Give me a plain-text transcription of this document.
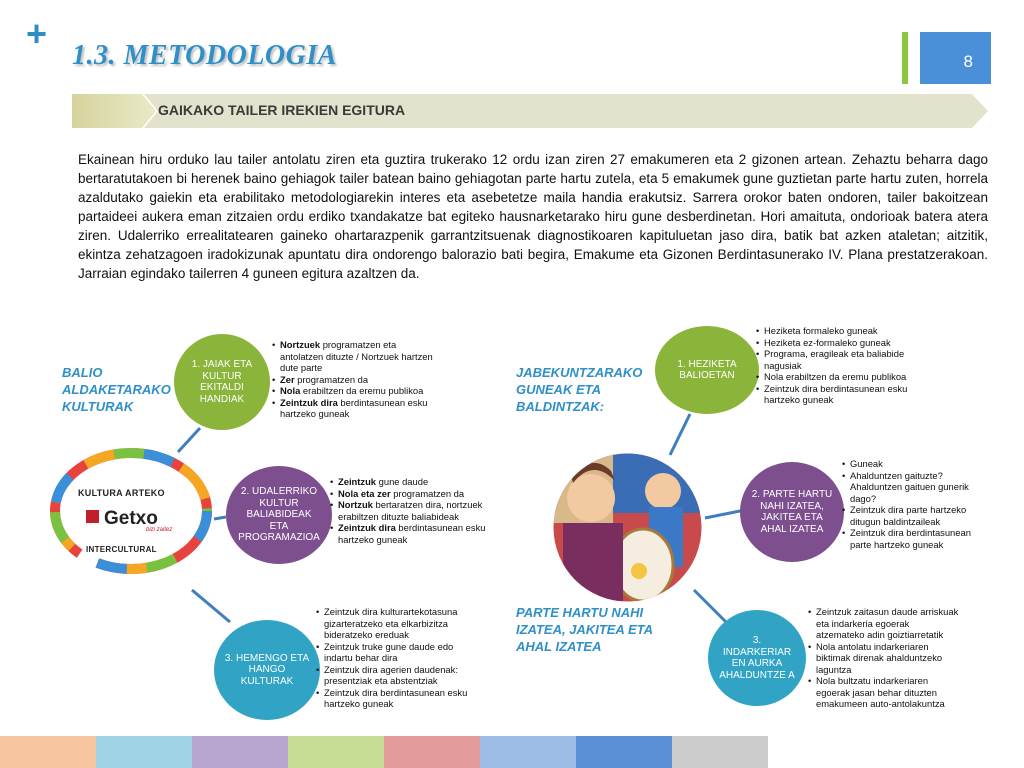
+
1.3. METODOLOGIA	8
GAIKAKO TAILER IREKIEN EGITURA
Ekainean hiru orduko lau tailer antolatu ziren eta guztira trukerako 12 ordu izan ziren 27 emakumeren eta 2 gizonen artean. Zehaztu beharra dago bertaratutakoen bi herenek baino gehiagok tailer batean baino gehiagotan parte hartu zutela, eta 5 emakumek gune guztietan parte hartu zuten, horrela azaldutako gaiekin eta erabilitako metodologiarekin interes eta asebetetze maila handia erakutsiz. Sarrera orokor baten ondoren, tailer bakoitzean partaideei aukera eman zitzaien ordu erdiko txandakatze bat egiteko hausnarketarako hiru gune desberdinetan. Hori amaituta, ondorioak batera atera ziren. Udalerriko errealitatearen gaineko ohartarazpenik garrantzitsuenak diagnostikoaren kapituluetan jaso dira, batik bat azken ataletan; aitzitik, ekintza zehatzagoen iradokizunak apuntatu dira ondorengo balorazio bati begira, Emakume eta Gizonen Berdintasunerako IV. Plana prestatzerakoan. Jarraian egindako tailerren 4 guneen egitura azaltzen da.
BALIO ALDAKETARAKO KULTURAK
JABEKUNTZARAKO GUNEAK ETA BALDINTZAK:
PARTE HARTU NAHI IZATEA, JAKITEA ETA AHAL IZATEA
KULTURA ARTEKO
Getxo
bizi zaitez
INTERCULTURAL
1. JAIAK ETA KULTUR EKITALDI HANDIAK
2. UDALERRIKO KULTUR BALIABIDEAK ETA PROGRAMAZIOA
3. HEMENGO ETA HANGO KULTURAK
• Nortzuek programatzen eta antolatzen dituzte / Nortzuek hartzen dute parte
• Zer programatzen da
• Nola erabiltzen da eremu publikoa
• Zeintzuk dira berdintasunean esku hartzeko guneak
• Zeintzuk gune daude
• Nola eta zer programatzen da
• Nortzuk bertaratzen dira, nortzuek erabiltzen dituzte baliabideak
• Zeintzuk dira berdintasunean esku hartzeko guneak
• Zeintzuk dira kulturartekotasuna gizarteratzeko eta elkarbizitza bideratzeko ereduak
• Zeintzuk truke gune daude edo indartu behar dira
• Zeintzuk dira agerien daudenak: presentziak eta abstentziak
• Zeintzuk dira berdintasunean esku hartzeko guneak
1. HEZIKETA BALIOETAN
2. PARTE HARTU NAHI IZATEA, JAKITEA ETA AHAL IZATEA
3. INDARKERIAR EN AURKA AHALDUNTZE A
• Heziketa formaleko guneak
• Heziketa ez-formaleko guneak
• Programa, eragileak eta baliabide nagusiak
• Nola erabiltzen da eremu publikoa
• Zeintzuk dira berdintasunean esku hartzeko guneak
• Guneak
• Ahalduntzen gaituzte? Ahalduntzen gaituen gunerik dago?
• Zeintzuk dira parte hartzeko ditugun baldintzaileak
• Zeintzuk dira berdintasunean parte hartzeko guneak
• Zeintzuk zaitasun daude arriskuak eta indarkeria egoerak atzemateko adin goiztiarretatik
• Nola antolatu indarkeriaren biktimak direnak ahalduntzeko laguntza
• Nola bultzatu indarkeriaren egoerak jasan behar dituzten emakumeen auto-antolakuntza
